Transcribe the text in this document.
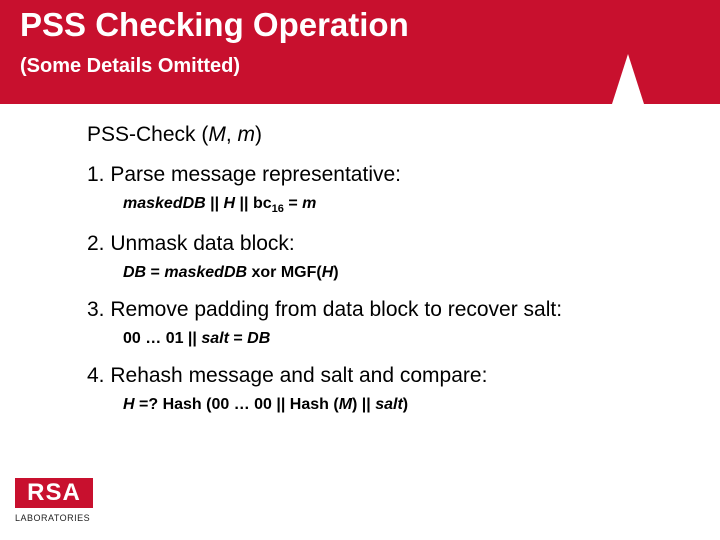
PSS Checking Operation
(Some Details Omitted)

PSS-Check (M, m)

1. Parse message representative:

maskedDB || H || $bc_{16} = m$

2. Unmask data block:

DB = maskedDB xor MGF(H)

3. Remove padding from data block to recover salt:

00 … 01 || salt = DB

4. Rehash message and salt and compare:

H =? Hash (00 … 00 || Hash (M) || salt)

RSA
LABORATORIES
